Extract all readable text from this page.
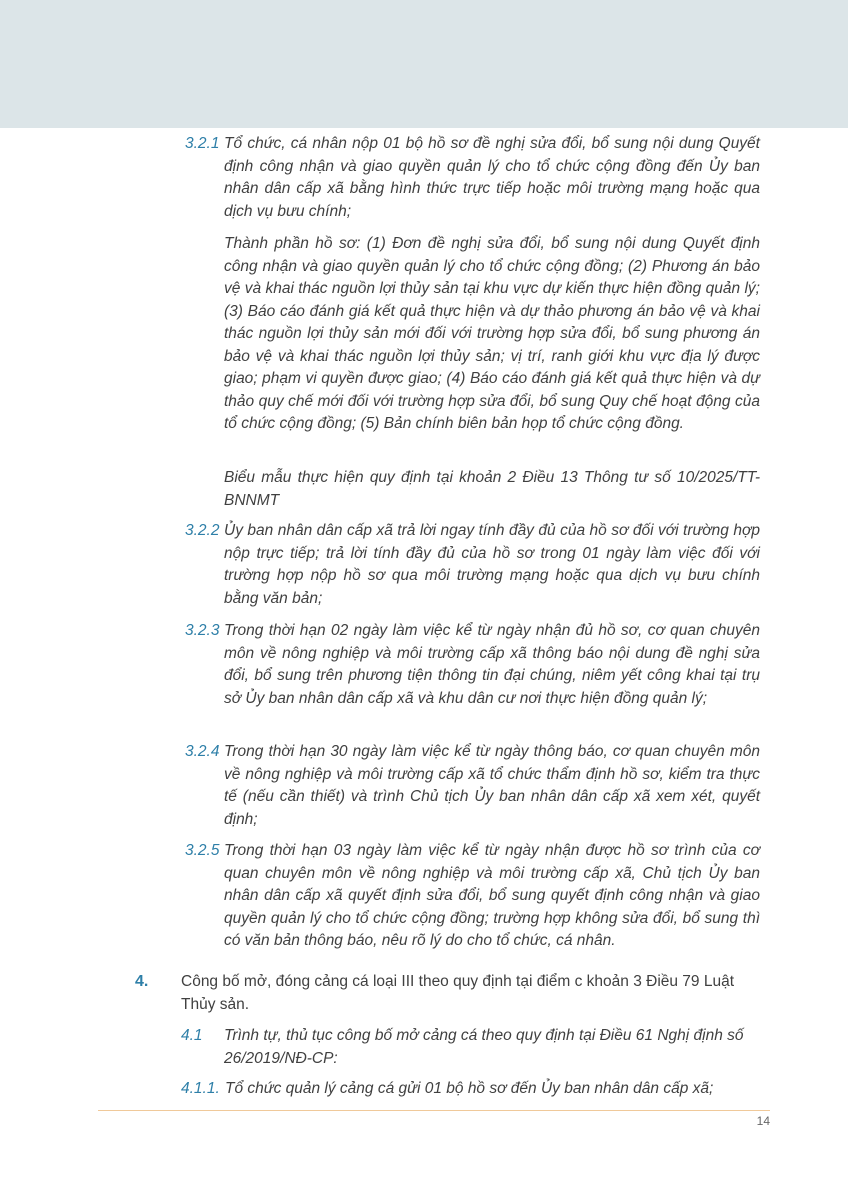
3.2.1 Tổ chức, cá nhân nộp 01 bộ hồ sơ đề nghị sửa đổi, bổ sung nội dung Quyết định công nhận và giao quyền quản lý cho tổ chức cộng đồng đến Ủy ban nhân dân cấp xã bằng hình thức trực tiếp hoặc môi trường mạng hoặc qua dịch vụ bưu chính;
Thành phần hồ sơ: (1) Đơn đề nghị sửa đổi, bổ sung nội dung Quyết định công nhận và giao quyền quản lý cho tổ chức cộng đồng; (2) Phương án bảo vệ và khai thác nguồn lợi thủy sản tại khu vực dự kiến thực hiện đồng quản lý; (3) Báo cáo đánh giá kết quả thực hiện và dự thảo phương án bảo vệ và khai thác nguồn lợi thủy sản mới đối với trường hợp sửa đổi, bổ sung phương án bảo vệ và khai thác nguồn lợi thủy sản; vị trí, ranh giới khu vực địa lý được giao; phạm vi quyền được giao; (4) Báo cáo đánh giá kết quả thực hiện và dự thảo quy chế mới đối với trường hợp sửa đổi, bổ sung Quy chế hoạt động của tổ chức cộng đồng; (5) Bản chính biên bản họp tổ chức cộng đồng.
Biểu mẫu thực hiện quy định tại khoản 2 Điều 13 Thông tư số 10/2025/TT-BNNMT
3.2.2 Ủy ban nhân dân cấp xã trả lời ngay tính đầy đủ của hồ sơ đối với trường hợp nộp trực tiếp; trả lời tính đầy đủ của hồ sơ trong 01 ngày làm việc đối với trường hợp nộp hồ sơ qua môi trường mạng hoặc qua dịch vụ bưu chính bằng văn bản;
3.2.3 Trong thời hạn 02 ngày làm việc kể từ ngày nhận đủ hồ sơ, cơ quan chuyên môn về nông nghiệp và môi trường cấp xã thông báo nội dung đề nghị sửa đổi, bổ sung trên phương tiện thông tin đại chúng, niêm yết công khai tại trụ sở Ủy ban nhân dân cấp xã và khu dân cư nơi thực hiện đồng quản lý;
3.2.4 Trong thời hạn 30 ngày làm việc kể từ ngày thông báo, cơ quan chuyên môn về nông nghiệp và môi trường cấp xã tổ chức thẩm định hồ sơ, kiểm tra thực tế (nếu cần thiết) và trình Chủ tịch Ủy ban nhân dân cấp xã xem xét, quyết định;
3.2.5 Trong thời hạn 03 ngày làm việc kể từ ngày nhận được hồ sơ trình của cơ quan chuyên môn về nông nghiệp và môi trường cấp xã, Chủ tịch Ủy ban nhân dân cấp xã quyết định sửa đổi, bổ sung quyết định công nhận và giao quyền quản lý cho tổ chức cộng đồng; trường hợp không sửa đổi, bổ sung thì có văn bản thông báo, nêu rõ lý do cho tổ chức, cá nhân.
4. Công bố mở, đóng cảng cá loại III theo quy định tại điểm c khoản 3 Điều 79 Luật Thủy sản.
4.1 Trình tự, thủ tục công bố mở cảng cá theo quy định tại Điều 61 Nghị định số 26/2019/NĐ-CP:
4.1.1. Tổ chức quản lý cảng cá gửi 01 bộ hồ sơ đến Ủy ban nhân dân cấp xã;
14
